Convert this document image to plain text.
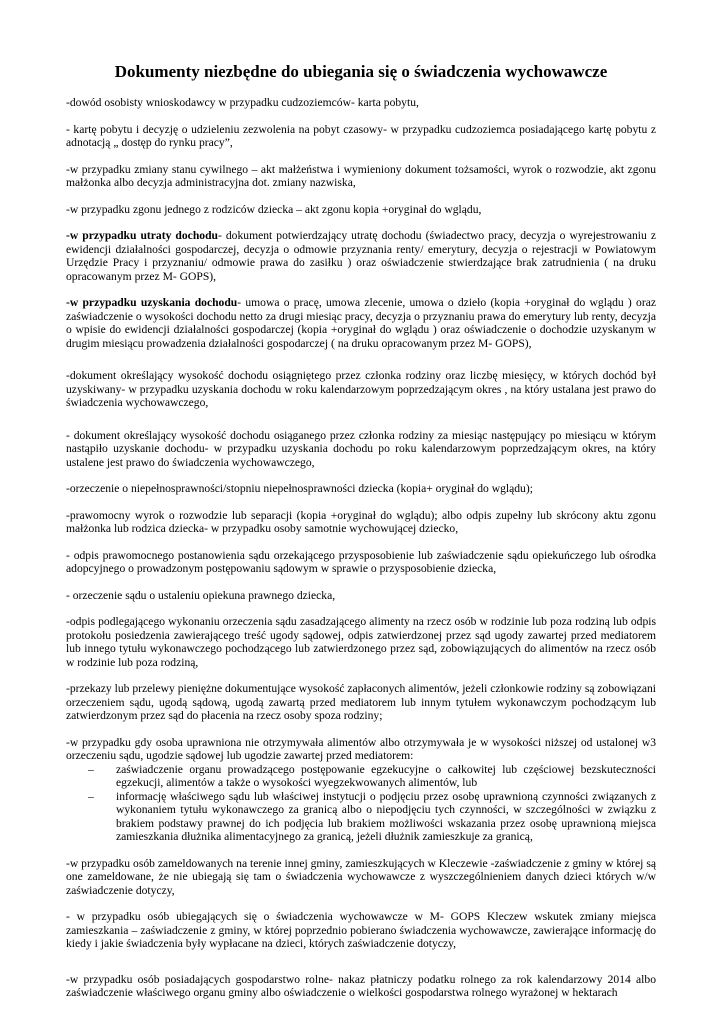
Dokumenty niezbędne do ubiegania się o świadczenia wychowawcze

-dowód osobisty wnioskodawcy w przypadku cudzoziemców- karta pobytu,

- kartę pobytu i decyzję o udzieleniu zezwolenia na pobyt czasowy- w przypadku cudzoziemca posiadającego kartę pobytu z adnotacją „ dostęp do rynku pracy”,

-w przypadku zmiany stanu cywilnego – akt małżeństwa i wymieniony dokument tożsamości, wyrok o rozwodzie, akt zgonu małżonka albo decyzja administracyjna dot. zmiany nazwiska,

-w przypadku zgonu jednego z rodziców dziecka – akt zgonu kopia +oryginał do wglądu,

-w przypadku utraty dochodu- dokument potwierdzający utratę dochodu (świadectwo pracy, decyzja o wyrejestrowaniu z ewidencji działalności gospodarczej, decyzja o odmowie przyznania renty/ emerytury, decyzja o rejestracji w Powiatowym Urzędzie Pracy i przyznaniu/ odmowie prawa do zasiłku ) oraz oświadczenie stwierdzające brak zatrudnienia ( na druku opracowanym przez M- GOPS),

-w przypadku uzyskania dochodu- umowa o pracę, umowa zlecenie, umowa o dzieło (kopia +oryginał do wglądu ) oraz zaświadczenie o wysokości dochodu netto za drugi miesiąc pracy, decyzja o przyznaniu prawa do emerytury lub renty, decyzja o wpisie do ewidencji działalności gospodarczej (kopia +oryginał do wglądu ) oraz oświadczenie o dochodzie uzyskanym w drugim miesiącu prowadzenia działalności gospodarczej ( na druku opracowanym przez M- GOPS),

-dokument określający wysokość dochodu osiągniętego przez członka rodziny oraz liczbę miesięcy, w których dochód był uzyskiwany- w przypadku uzyskania dochodu w roku kalendarzowym poprzedzającym okres , na który ustalana jest prawo do świadczenia wychowawczego,

- dokument określający wysokość dochodu osiąganego przez członka rodziny za miesiąc następujący po miesiącu w którym nastąpiło uzyskanie dochodu- w przypadku uzyskania dochodu po roku kalendarzowym poprzedzającym okres, na który ustalene jest prawo do świadczenia wychowawczego,

-orzeczenie o niepełnosprawności/stopniu niepełnosprawności dziecka (kopia+ oryginał do wglądu);

-prawomocny wyrok o rozwodzie lub separacji (kopia +oryginał do wglądu); albo odpis zupełny lub skrócony aktu zgonu małżonka lub rodzica dziecka- w przypadku osoby samotnie wychowującej dziecko,

- odpis prawomocnego postanowienia sądu orzekającego przysposobienie lub zaświadczenie sądu opiekuńczego lub ośrodka adopcyjnego o prowadzonym postępowaniu sądowym w sprawie o przysposobienie dziecka,

- orzeczenie sądu o ustaleniu opiekuna prawnego dziecka,

-odpis podlegającego wykonaniu orzeczenia sądu zasadzającego alimenty na rzecz osób w rodzinie lub poza rodziną lub odpis protokołu posiedzenia zawierającego treść ugody sądowej, odpis zatwierdzonej przez sąd ugody zawartej przed mediatorem lub innego tytułu wykonawczego pochodzącego lub zatwierdzonego przez sąd, zobowiązujących do alimentów na rzecz osób w rodzinie lub poza rodziną,

-przekazy lub przelewy pieniężne dokumentujące wysokość zapłaconych alimentów, jeżeli członkowie rodziny są zobowiązani orzeczeniem sądu, ugodą sądową, ugodą zawartą przed mediatorem lub innym tytułem wykonawczym pochodzącym lub zatwierdzonym przez sąd do płacenia na rzecz osoby spoza rodziny;

-w przypadku gdy osoba uprawniona nie otrzymywała alimentów albo otrzymywała je w wysokości niższej od ustalonej w3 orzeczeniu sądu, ugodzie sądowej lub ugodzie zawartej przed mediatorem:

– zaświadczenie organu prowadzącego postępowanie egzekucyjne o całkowitej lub częściowej bezskuteczności egzekucji, alimentów a także o wysokości wyegzekwowanych alimentów, lub
– informację właściwego sądu lub właściwej instytucji o podjęciu przez osobę uprawnioną czynności związanych z wykonaniem tytułu wykonawczego za granicą albo o niepodjęciu tych czynności, w szczególności w związku z brakiem podstawy prawnej do ich podjęcia lub brakiem możliwości wskazania przez osobę uprawnioną miejsca zamieszkania dłużnika alimentacyjnego za granicą, jeżeli dłużnik zamieszkuje za granicą,

-w przypadku osób zameldowanych na terenie innej gminy, zamieszkujących w Kleczewie -zaświadczenie z gminy w której są one zameldowane, że nie ubiegają się tam o świadczenia wychowawcze z wyszczególnieniem danych dzieci których w/w zaświadczenie dotyczy,

- w przypadku osób ubiegających się o świadczenia wychowawcze w M- GOPS Kleczew wskutek zmiany miejsca zamieszkania – zaświadczenie z gminy, w której poprzednio pobierano świadczenia wychowawcze, zawierające informację do kiedy i jakie świadczenia były wypłacane na dzieci, których zaświadczenie dotyczy,

-w przypadku osób posiadających gospodarstwo rolne- nakaz płatniczy podatku rolnego za rok kalendarzowy 2014 albo zaświadczenie właściwego organu gminy albo oświadczenie o wielkości gospodarstwa rolnego wyrażonej w hektarach
